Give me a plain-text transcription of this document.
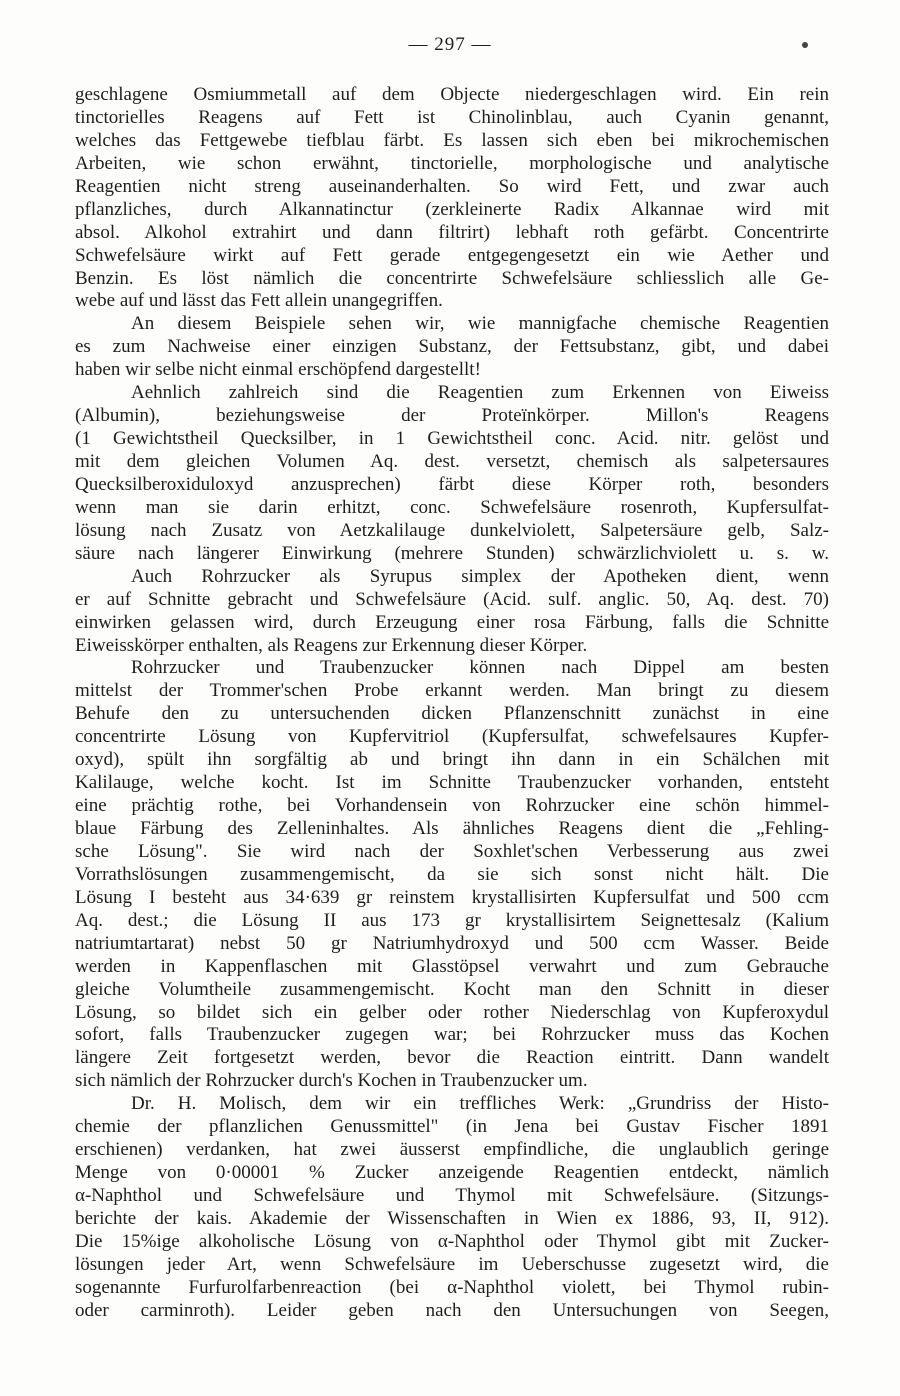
— 297 —
geschlagene Osmiummetall auf dem Objecte niedergeschlagen wird. Ein rein
tinctorielles Reagens auf Fett ist Chinolinblau, auch Cyanin genannt,
welches das Fettgewebe tiefblau färbt. Es lassen sich eben bei mikrochemischen
Arbeiten, wie schon erwähnt, tinctorielle, morphologische und analytische
Reagentien nicht streng auseinanderhalten. So wird Fett, und zwar auch
pflanzliches, durch Alkannatinctur (zerkleinerte Radix Alkannae wird mit
absol. Alkohol extrahirt und dann filtrirt) lebhaft roth gefärbt. Concentrirte
Schwefelsäure wirkt auf Fett gerade entgegengesetzt ein wie Aether und
Benzin. Es löst nämlich die concentrirte Schwefelsäure schliesslich alle Ge-
webe auf und lässt das Fett allein unangegriffen.
An diesem Beispiele sehen wir, wie mannigfache chemische Reagentien
es zum Nachweise einer einzigen Substanz, der Fettsubstanz, gibt, und dabei
haben wir selbe nicht einmal erschöpfend dargestellt!
Aehnlich zahlreich sind die Reagentien zum Erkennen von Eiweiss
(Albumin), beziehungsweise der Proteïnkörper. Millon's Reagens
(1 Gewichtstheil Quecksilber, in 1 Gewichtstheil conc. Acid. nitr. gelöst und
mit dem gleichen Volumen Aq. dest. versetzt, chemisch als salpetersaures
Quecksilberoxiduloxyd anzusprechen) färbt diese Körper roth, besonders
wenn man sie darin erhitzt, conc. Schwefelsäure rosenroth, Kupfersulfat-
lösung nach Zusatz von Aetzkalilauge dunkelviolett, Salpetersäure gelb, Salz-
säure nach längerer Einwirkung (mehrere Stunden) schwärzlichviolett u. s. w.
Auch Rohrzucker als Syrupus simplex der Apotheken dient, wenn
er auf Schnitte gebracht und Schwefelsäure (Acid. sulf. anglic. 50, Aq. dest. 70)
einwirken gelassen wird, durch Erzeugung einer rosa Färbung, falls die Schnitte
Eiweisskörper enthalten, als Reagens zur Erkennung dieser Körper.
Rohrzucker und Traubenzucker können nach Dippel am besten
mittelst der Trommer'schen Probe erkannt werden. Man bringt zu diesem
Behufe den zu untersuchenden dicken Pflanzenschnitt zunächst in eine
concentrirte Lösung von Kupfervitriol (Kupfersulfat, schwefelsaures Kupfer-
oxyd), spült ihn sorgfältig ab und bringt ihn dann in ein Schälchen mit
Kalilauge, welche kocht. Ist im Schnitte Traubenzucker vorhanden, entsteht
eine prächtig rothe, bei Vorhandensein von Rohrzucker eine schön himmel-
blaue Färbung des Zelleninhaltes. Als ähnliches Reagens dient die „Fehling-
sche Lösung". Sie wird nach der Soxhlet'schen Verbesserung aus zwei
Vorrathslösungen zusammengemischt, da sie sich sonst nicht hält. Die
Lösung I besteht aus 34·639 gr reinstem krystallisirten Kupfersulfat und 500 ccm
Aq. dest.; die Lösung II aus 173 gr krystallisirtem Seignettesalz (Kalium
natriumtartarat) nebst 50 gr Natriumhydroxyd und 500 ccm Wasser. Beide
werden in Kappenflaschen mit Glasstöpsel verwahrt und zum Gebrauche
gleiche Volumtheile zusammengemischt. Kocht man den Schnitt in dieser
Lösung, so bildet sich ein gelber oder rother Niederschlag von Kupferoxydul
sofort, falls Traubenzucker zugegen war; bei Rohrzucker muss das Kochen
längere Zeit fortgesetzt werden, bevor die Reaction eintritt. Dann wandelt
sich nämlich der Rohrzucker durch's Kochen in Traubenzucker um.
Dr. H. Molisch, dem wir ein treffliches Werk: „Grundriss der Histo-
chemie der pflanzlichen Genussmittel" (in Jena bei Gustav Fischer 1891
erschienen) verdanken, hat zwei äusserst empfindliche, die unglaublich geringe
Menge von 0·00001 % Zucker anzeigende Reagentien entdeckt, nämlich
α-Naphthol und Schwefelsäure und Thymol mit Schwefelsäure. (Sitzungs-
berichte der kais. Akademie der Wissenschaften in Wien ex 1886, 93, II, 912).
Die 15%ige alkoholische Lösung von α-Naphthol oder Thymol gibt mit Zucker-
lösungen jeder Art, wenn Schwefelsäure im Ueberschusse zugesetzt wird, die
sogenannte Furfurolfarbenreaction (bei α-Naphthol violett, bei Thymol rubin-
oder carminroth). Leider geben nach den Untersuchungen von Seegen,
